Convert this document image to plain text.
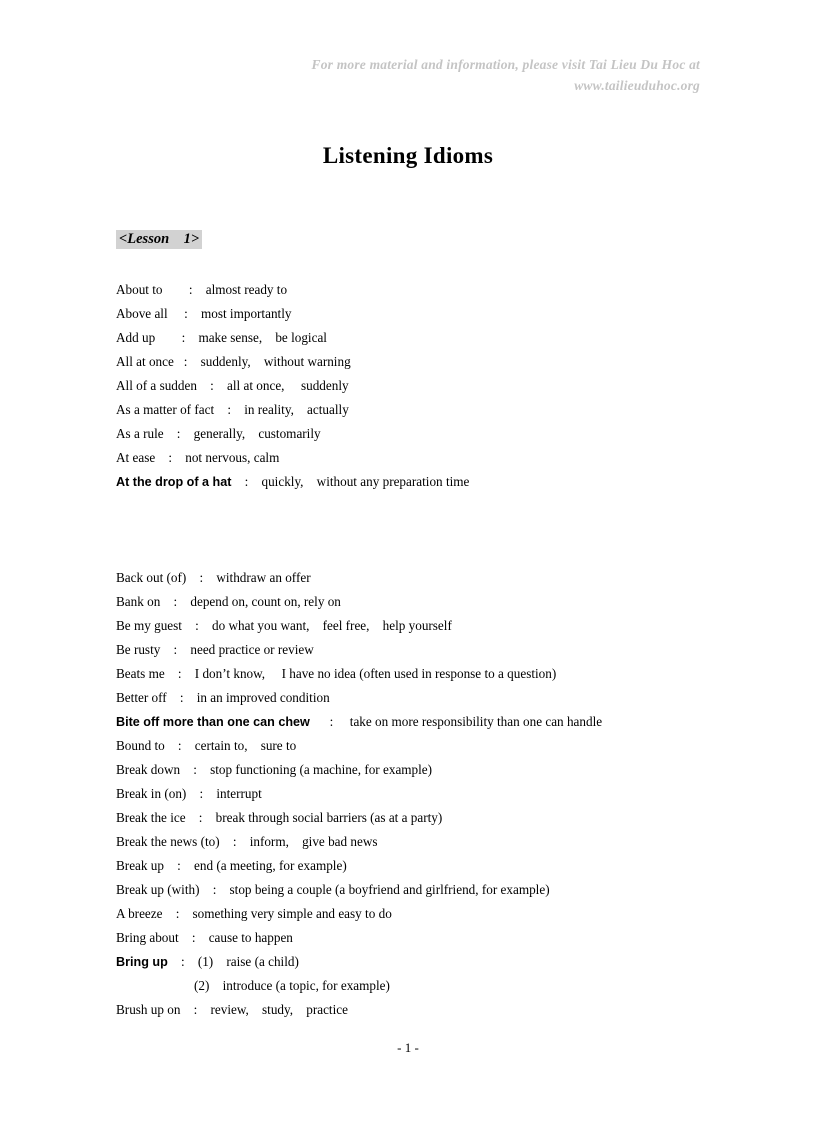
For more material and information, please visit Tai Lieu Du Hoc at
www.tailieuduhoc.org
Listening Idioms
<Lesson    1>
About to : almost ready to
Above all : most importantly
Add up : make sense,    be logical
All at once : suddenly,    without warning
All of a sudden : all at once,     suddenly
As a matter of fact : in reality,    actually
As a rule : generally,    customarily
At ease : not nervous, calm
At the drop of a hat : quickly,    without any preparation time
Back out (of) : withdraw an offer
Bank on : depend on, count on, rely on
Be my guest : do what you want,    feel free,    help yourself
Be rusty : need practice or review
Beats me : I don’t know,     I have no idea (often used in response to a question)
Better off : in an improved condition
Bite off more than one can chew : take on more responsibility than one can handle
Bound to : certain to,    sure to
Break down : stop functioning (a machine, for example)
Break in (on) : interrupt
Break the ice : break through social barriers (as at a party)
Break the news (to) : inform,    give bad news
Break up : end (a meeting, for example)
Break up (with) : stop being a couple (a boyfriend and girlfriend, for example)
A breeze : something very simple and easy to do
Bring about : cause to happen
Bring up : (1)    raise (a child)
(2)    introduce (a topic, for example)
Brush up on : review,    study,    practice
- 1 -
